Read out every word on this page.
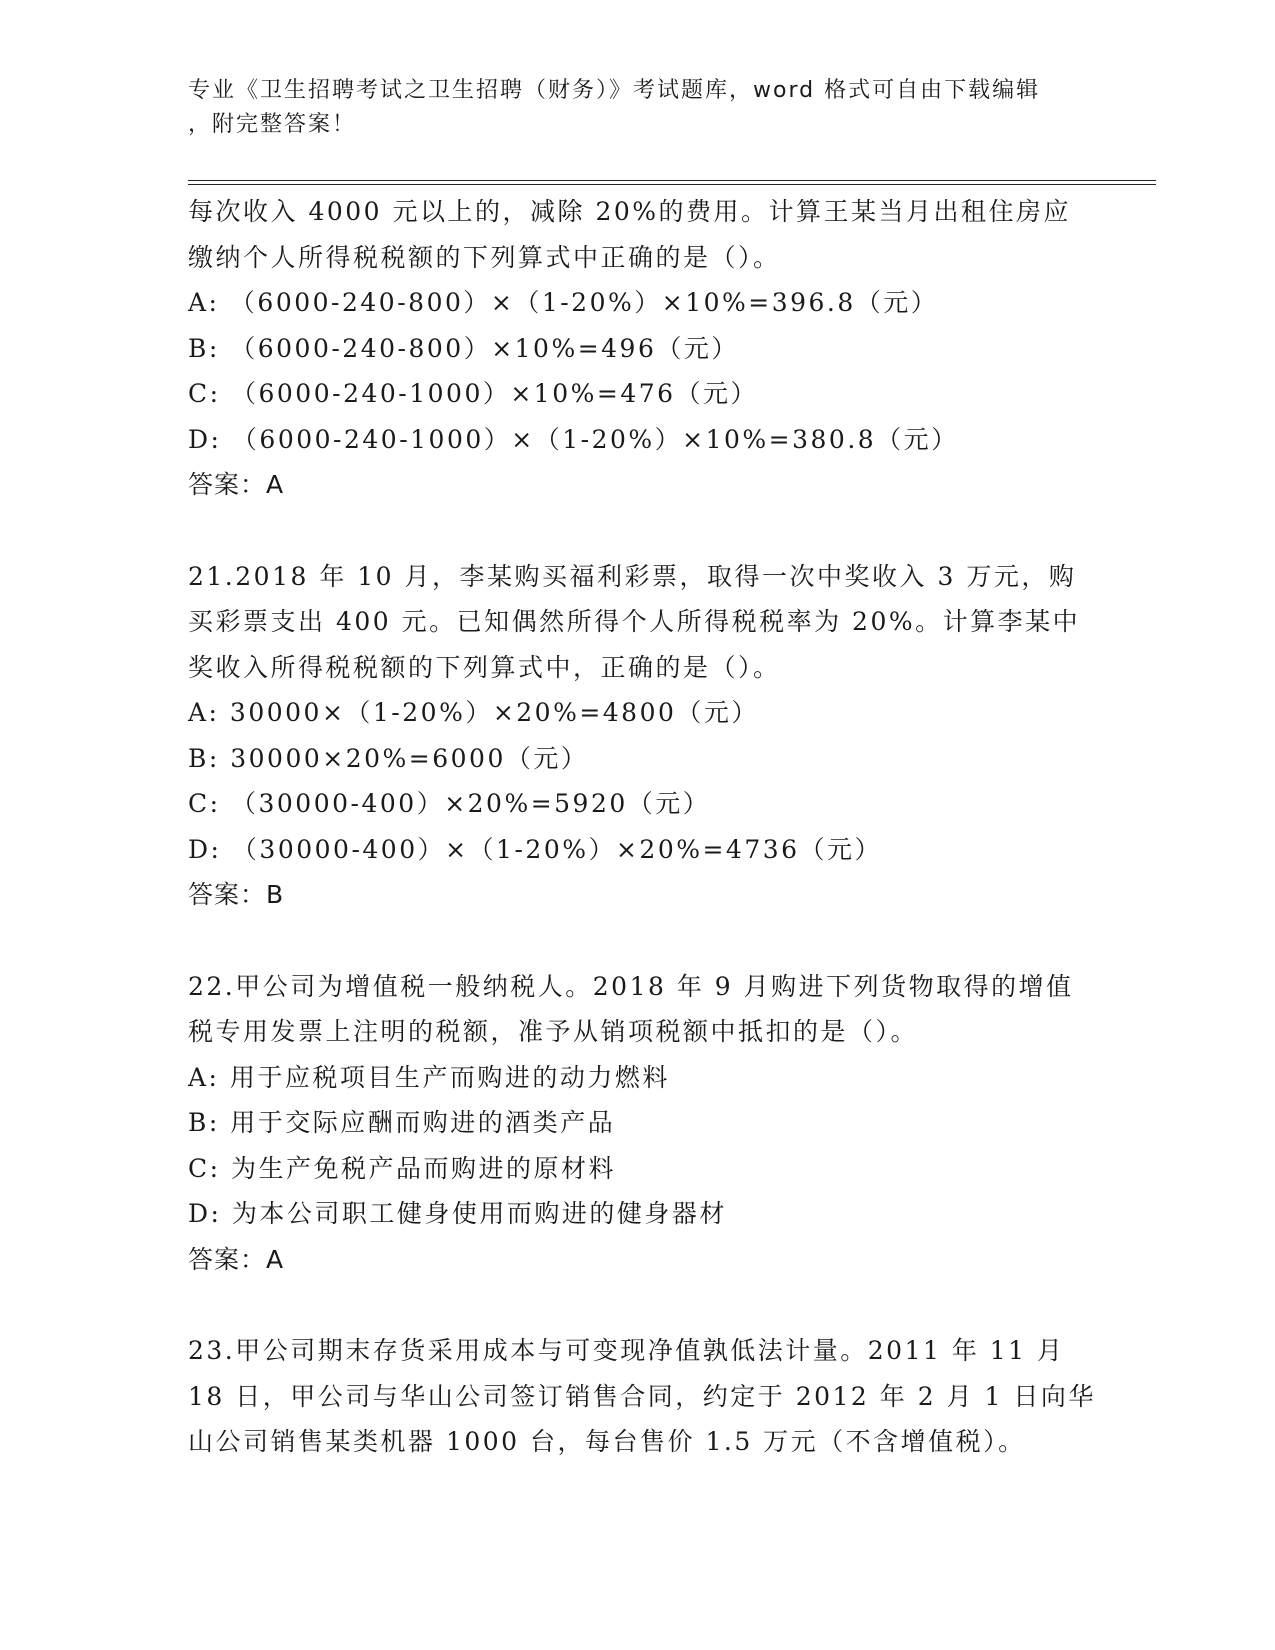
专业《卫生招聘考试之卫生招聘（财务）》考试题库，word 格式可自由下载编辑
，附完整答案！
每次收入 4000 元以上的，减除 20%的费用。计算王某当月出租住房应
缴纳个人所得税税额的下列算式中正确的是（）。
A: （6000-240-800）×（1-20%）×10%=396.8（元）
B: （6000-240-800）×10%=496（元）
C: （6000-240-1000）×10%=476（元）
D: （6000-240-1000）×（1-20%）×10%=380.8（元）
答案：A
21.2018 年 10 月，李某购买福利彩票，取得一次中奖收入 3 万元，购
买彩票支出 400 元。已知偶然所得个人所得税税率为 20%。计算李某中
奖收入所得税税额的下列算式中，正确的是（）。
A: 30000×（1-20%）×20%=4800（元）
B: 30000×20%=6000（元）
C: （30000-400）×20%=5920（元）
D: （30000-400）×（1-20%）×20%=4736（元）
答案：B
22.甲公司为增值税一般纳税人。2018 年 9 月购进下列货物取得的增值
税专用发票上注明的税额，准予从销项税额中抵扣的是（）。
A: 用于应税项目生产而购进的动力燃料
B: 用于交际应酬而购进的酒类产品
C: 为生产免税产品而购进的原材料
D: 为本公司职工健身使用而购进的健身器材
答案：A
23.甲公司期末存货采用成本与可变现净值孰低法计量。2011 年 11 月
18 日，甲公司与华山公司签订销售合同，约定于 2012 年 2 月 1 日向华
山公司销售某类机器 1000 台，每台售价 1.5 万元（不含增值税）。
